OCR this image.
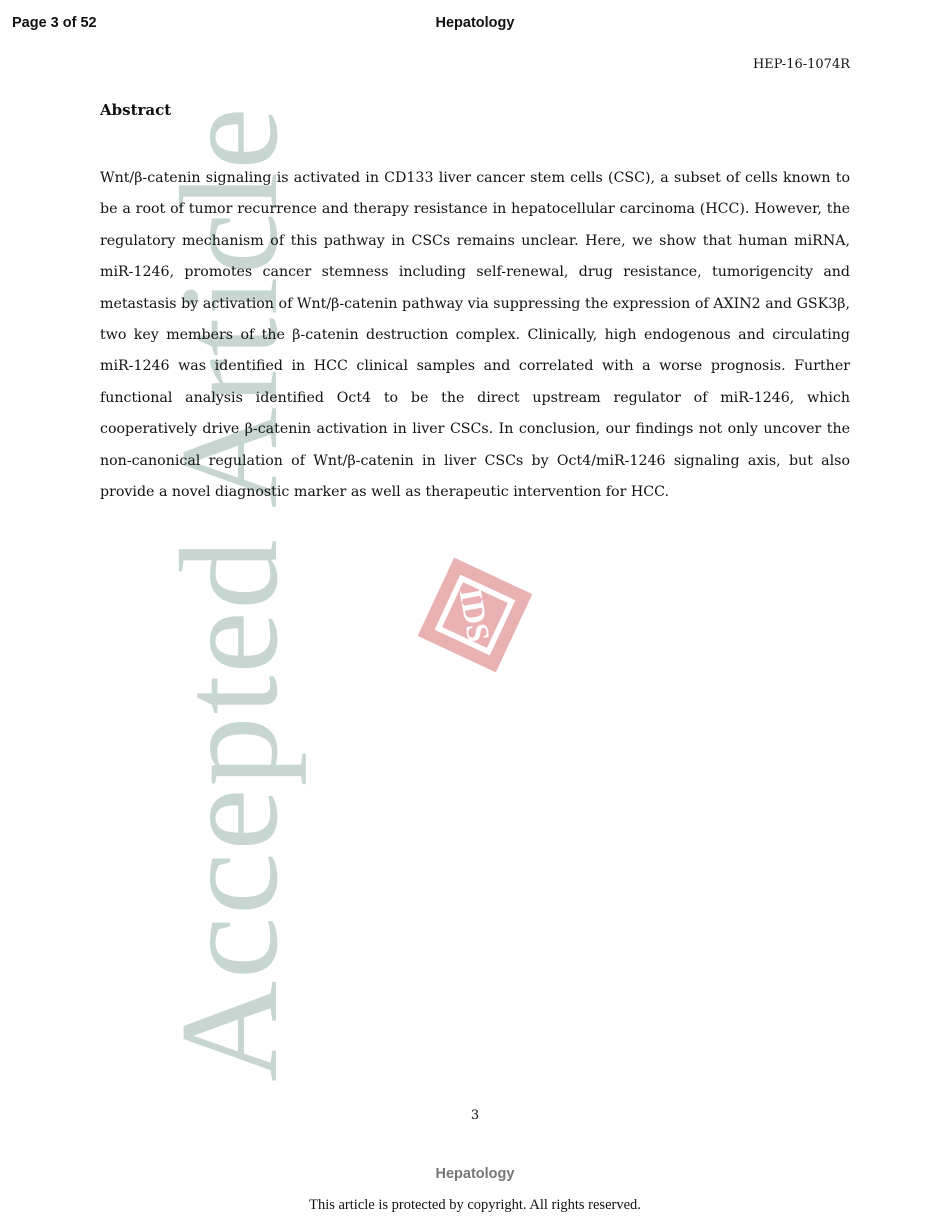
Page 3 of 52	Hepatology
HEP-16-1074R
Accepted Article	IDS
Abstract

Wnt/β-catenin signaling is activated in CD133 liver cancer stem cells (CSC), a subset of cells known to be a root of tumor recurrence and therapy resistance in hepatocellular carcinoma (HCC). However, the regulatory mechanism of this pathway in CSCs remains unclear. Here, we show that human miRNA, miR-1246, promotes cancer stemness including self-renewal, drug resistance, tumorigencity and metastasis by activation of Wnt/β-catenin pathway via suppressing the expression of AXIN2 and GSK3β, two key members of the β-catenin destruction complex. Clinically, high endogenous and circulating miR-1246 was identified in HCC clinical samples and correlated with a worse prognosis. Further functional analysis identified Oct4 to be the direct upstream regulator of miR-1246, which cooperatively drive β-catenin activation in liver CSCs. In conclusion, our findings not only uncover the non-canonical regulation of Wnt/β-catenin in liver CSCs by Oct4/miR-1246 signaling axis, but also provide a novel diagnostic marker as well as therapeutic intervention for HCC.

3
Hepatology
This article is protected by copyright. All rights reserved.
